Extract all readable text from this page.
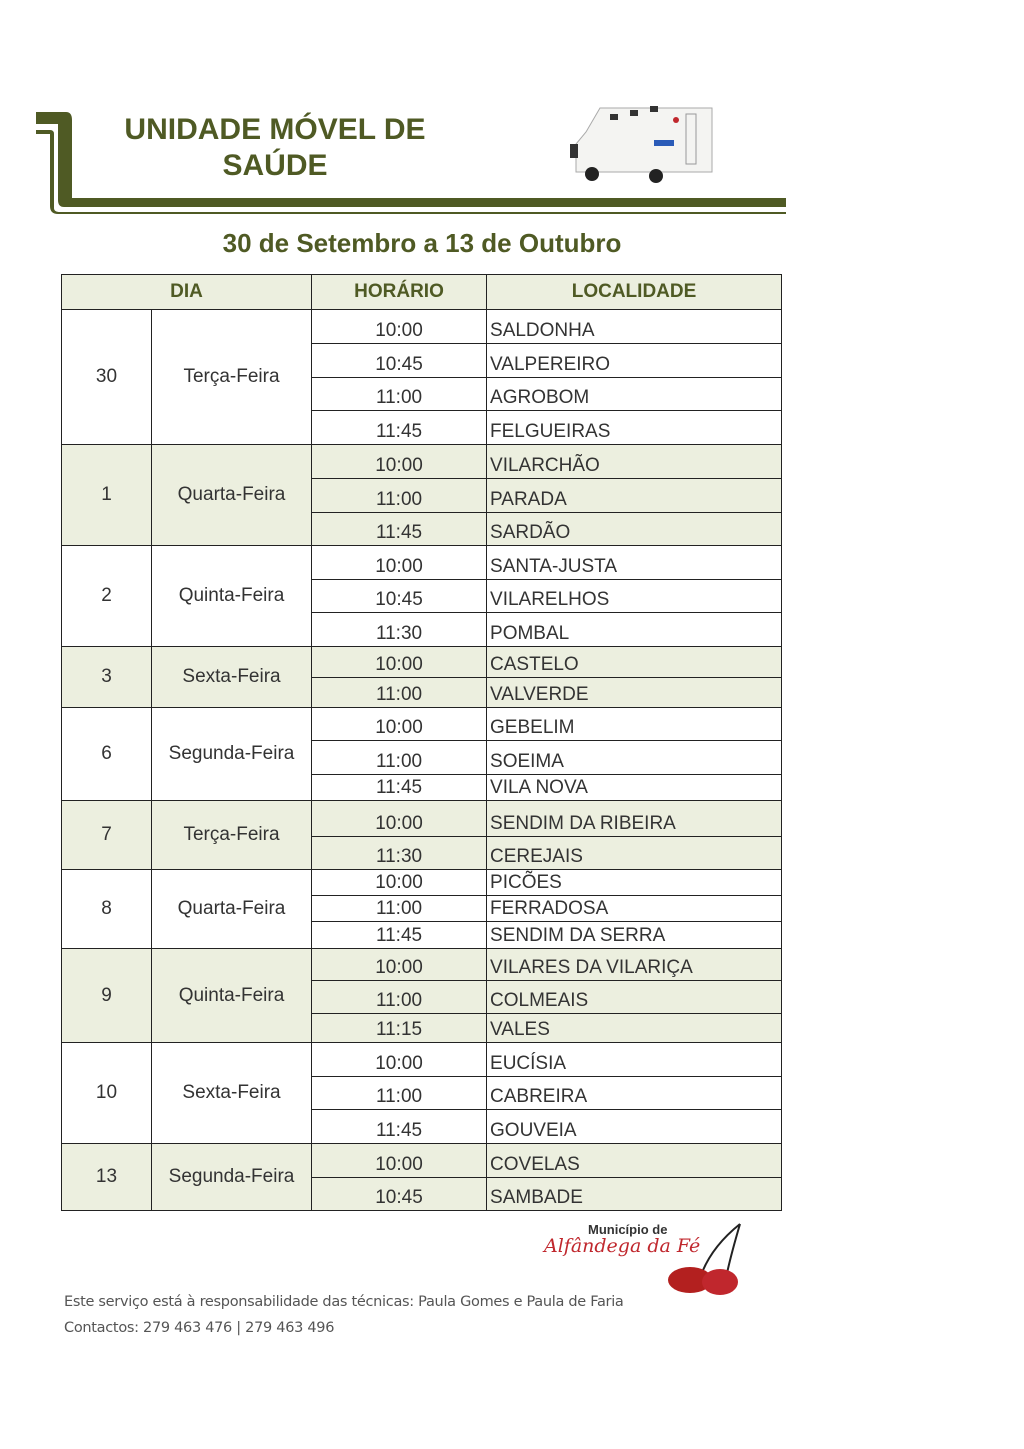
UNIDADE MÓVEL DE
SAÚDE
30 de Setembro a 13 de Outubro
DIA		HORÁRIO	LOCALIDADE
30	Terça-Feira	10:00	SALDONHA
		10:45	VALPEREIRO
		11:00	AGROBOM
		11:45	FELGUEIRAS
1	Quarta-Feira	10:00	VILARCHÃO
		11:00	PARADA
		11:45	SARDÃO
2	Quinta-Feira	10:00	SANTA-JUSTA
		10:45	VILARELHOS
		11:30	POMBAL
3	Sexta-Feira	10:00	CASTELO
		11:00	VALVERDE
6	Segunda-Feira	10:00	GEBELIM
		11:00	SOEIMA
		11:45	VILA NOVA
7	Terça-Feira	10:00	SENDIM DA RIBEIRA
		11:30	CEREJAIS
8	Quarta-Feira	10:00	PICÕES
		11:00	FERRADOSA
		11:45	SENDIM DA SERRA
9	Quinta-Feira	10:00	VILARES DA VILARIÇA
		11:00	COLMEAIS
		11:15	VALES
10	Sexta-Feira	10:00	EUCÍSIA
		11:00	CABREIRA
		11:45	GOUVEIA
13	Segunda-Feira	10:00	COVELAS
		10:45	SAMBADE
Município de
Alfândega da Fé
Este serviço está à responsabilidade das técnicas: Paula Gomes e Paula de Faria
Contactos: 279 463 476 | 279 463 496
